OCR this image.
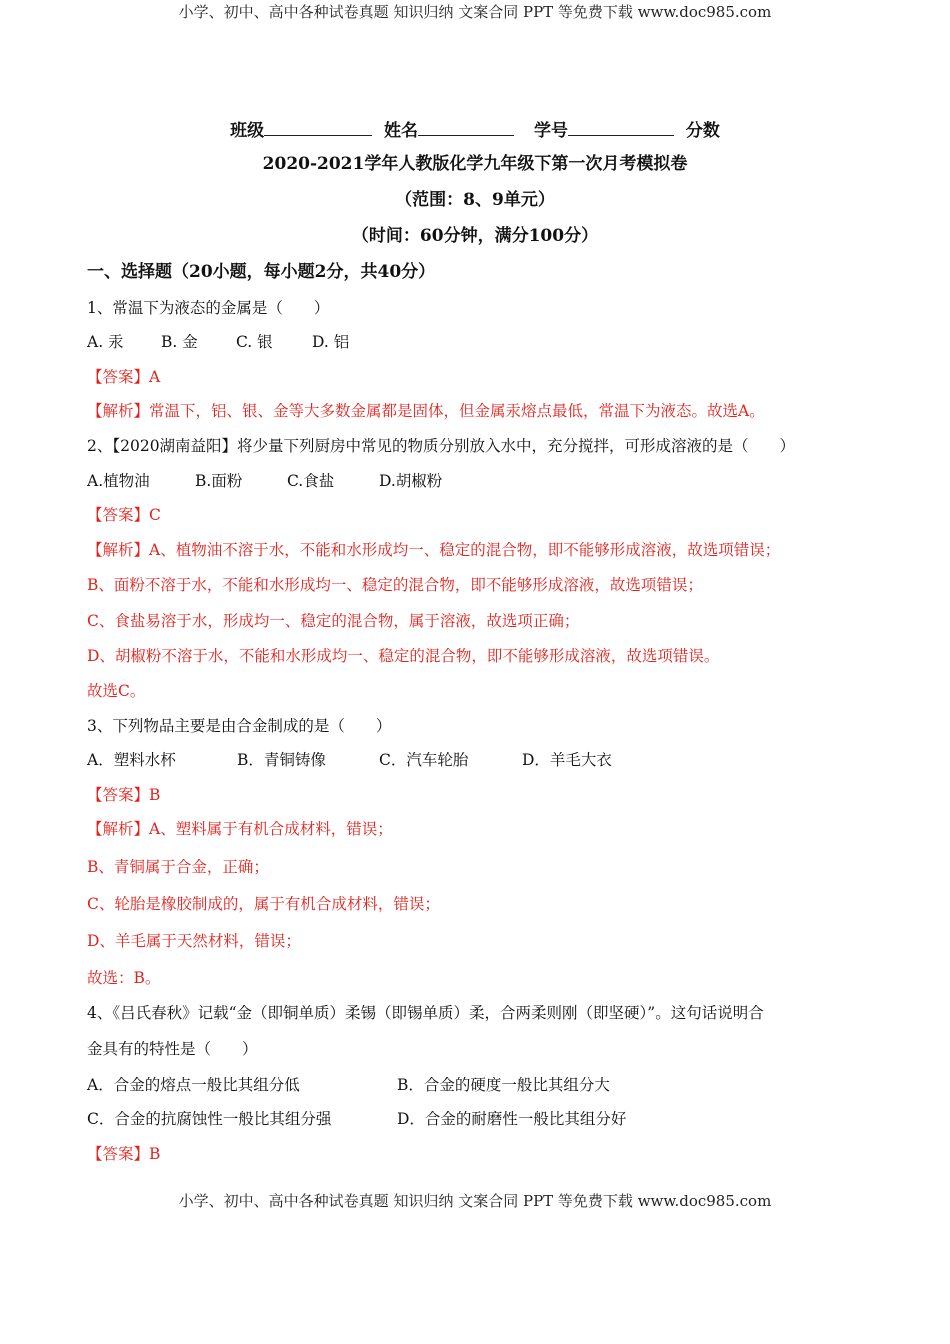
小学、初中、高中各种试卷真题 知识归纳 文案合同 PPT 等免费下载 www.doc985.com
班级	姓名	学号	分数
2020-2021学年人教版化学九年级下第一次月考模拟卷
（范围：8、9单元）
（时间：60分钟，满分100分）
一、选择题（20小题，每小题2分，共40分）
1、常温下为液态的金属是（　　）
A. 汞 B. 金 C. 银	D. 铝
【答案】A
【解析】常温下，铝、银、金等大多数金属都是固体，但金属汞熔点最低，常温下为液态。故选A。
2、【2020湖南益阳】将少量下列厨房中常见的物质分别放入水中，充分搅拌，可形成溶液的是（　　）
A.植物油	B.面粉	C.食盐	D.胡椒粉
【答案】C
【解析】A、植物油不溶于水，不能和水形成均一、稳定的混合物，即不能够形成溶液，故选项错误；
B、面粉不溶于水，不能和水形成均一、稳定的混合物，即不能够形成溶液，故选项错误；
C、食盐易溶于水，形成均一、稳定的混合物，属于溶液，故选项正确；
D、胡椒粉不溶于水，不能和水形成均一、稳定的混合物，即不能够形成溶液，故选项错误。
故选C。
3、下列物品主要是由合金制成的是（　　）
A．塑料水杯	B．青铜铸像	C．汽车轮胎	D．羊毛大衣
【答案】B
【解析】A、塑料属于有机合成材料，错误；
B、青铜属于合金，正确；
C、轮胎是橡胶制成的，属于有机合成材料，错误；
D、羊毛属于天然材料，错误；
故选：B。
4、《吕氏春秋》记载“金（即铜单质）柔锡（即锡单质）柔，合两柔则刚（即坚硬）”。这句话说明合
金具有的特性是（　　）
A．合金的熔点一般比其组分低	B．合金的硬度一般比其组分大
C．合金的抗腐蚀性一般比其组分强	D．合金的耐磨性一般比其组分好
【答案】B
小学、初中、高中各种试卷真题 知识归纳 文案合同 PPT 等免费下载 www.doc985.com
